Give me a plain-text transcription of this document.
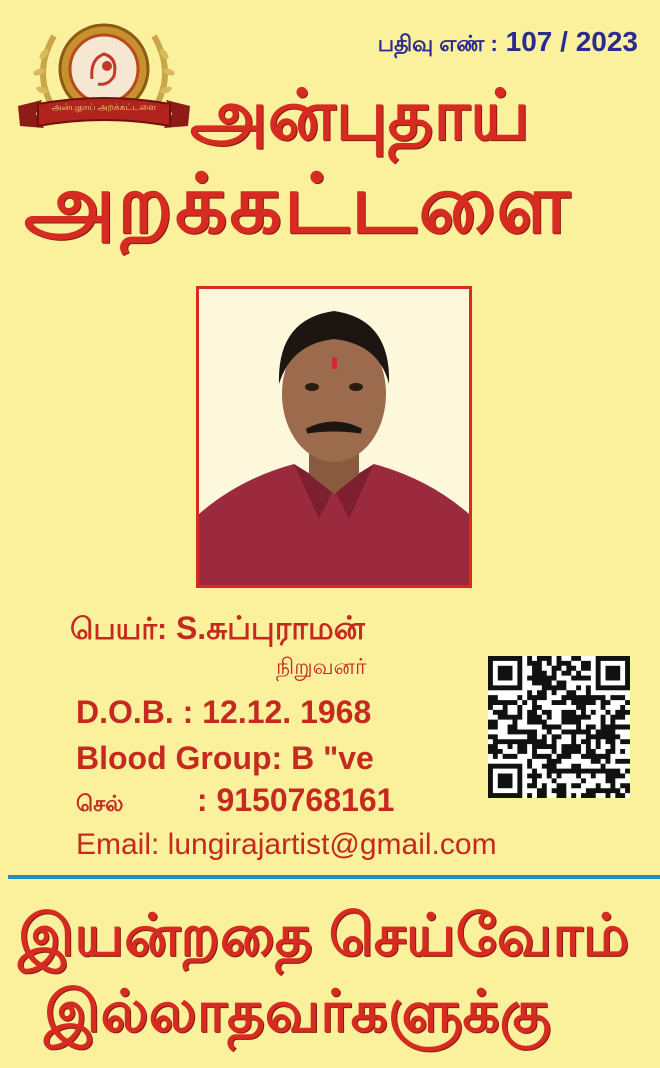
அன்புதாய் அறக்கட்டளை
பதிவு எண் : 107 / 2023
அன்புதாய்
அறக்கட்டளை
பெயர்: S.சுப்புராமன்
நிறுவனர்
D.O.B. : 12.12. 1968
Blood Group: B "ve
செல் : 9150768161
Email: lungirajartist@gmail.com
இயன்றதை செய்வோம்
இல்லாதவர்களுக்கு
